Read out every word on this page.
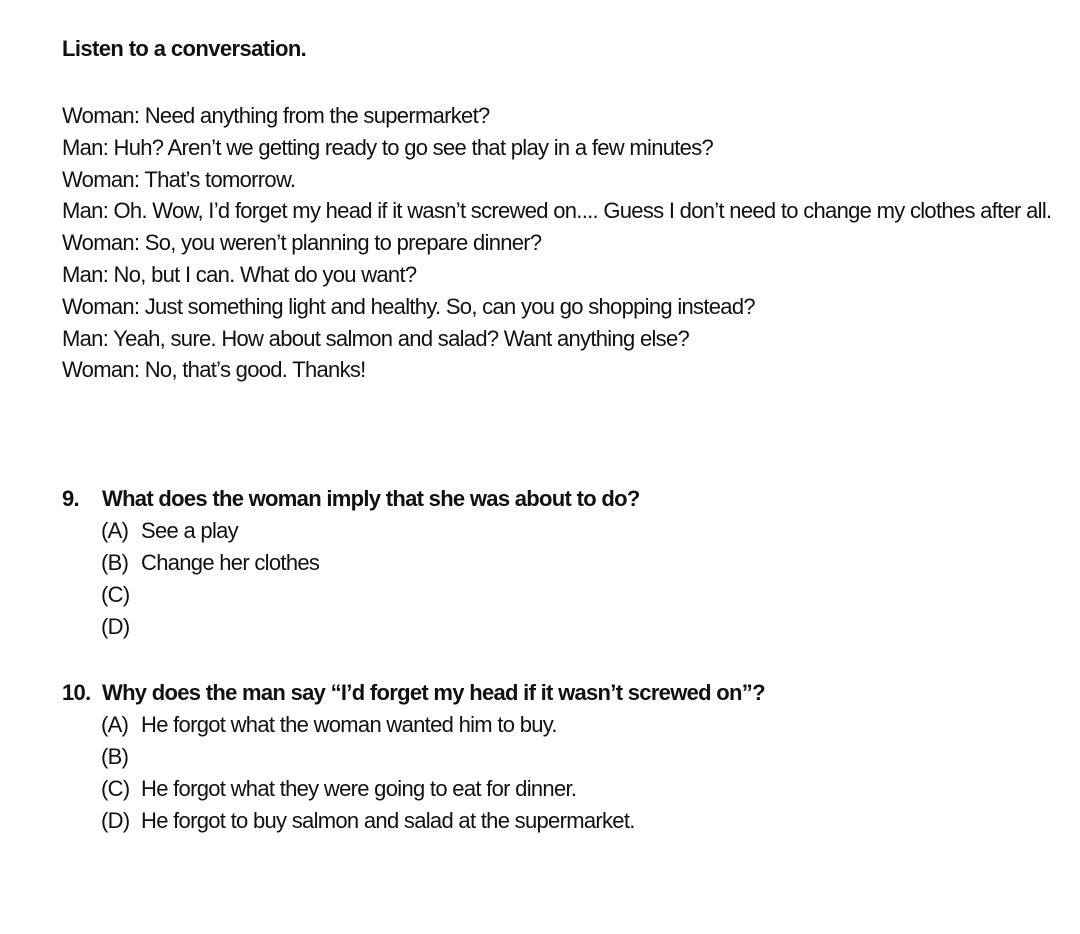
Listen to a conversation.
Woman: Need anything from the supermarket?
Man: Huh? Aren’t we getting ready to go see that play in a few minutes?
Woman: That’s tomorrow.
Man: Oh. Wow, I’d forget my head if it wasn’t screwed on.... Guess I don’t need to change my clothes after all.
Woman: So, you weren’t planning to prepare dinner?
Man: No, but I can. What do you want?
Woman: Just something light and healthy. So, can you go shopping instead?
Man: Yeah, sure. How about salmon and salad? Want anything else?
Woman: No, that’s good. Thanks!
9. What does the woman imply that she was about to do?
(A) See a play
(B) Change her clothes
(C)
(D)
10. Why does the man say “I’d forget my head if it wasn’t screwed on”?
(A) He forgot what the woman wanted him to buy.
(B)
(C) He forgot what they were going to eat for dinner.
(D) He forgot to buy salmon and salad at the supermarket.
